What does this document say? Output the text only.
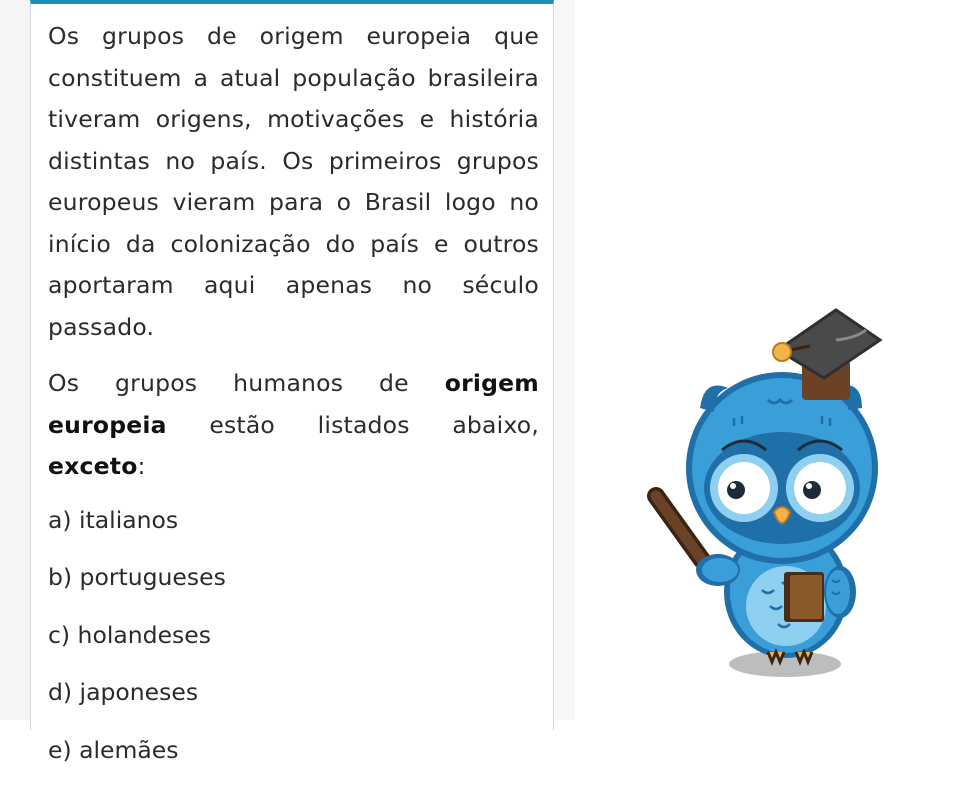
Os grupos de origem europeia que constituem a atual população brasileira tiveram origens, motivações e história distintas no país. Os primeiros grupos europeus vieram para o Brasil logo no início da colonização do país e outros aportaram aqui apenas no século passado.

Os grupos humanos de origem europeia estão listados abaixo, exceto:

a) italianos
b) portugueses
c) holandeses
d) japoneses
e) alemães
